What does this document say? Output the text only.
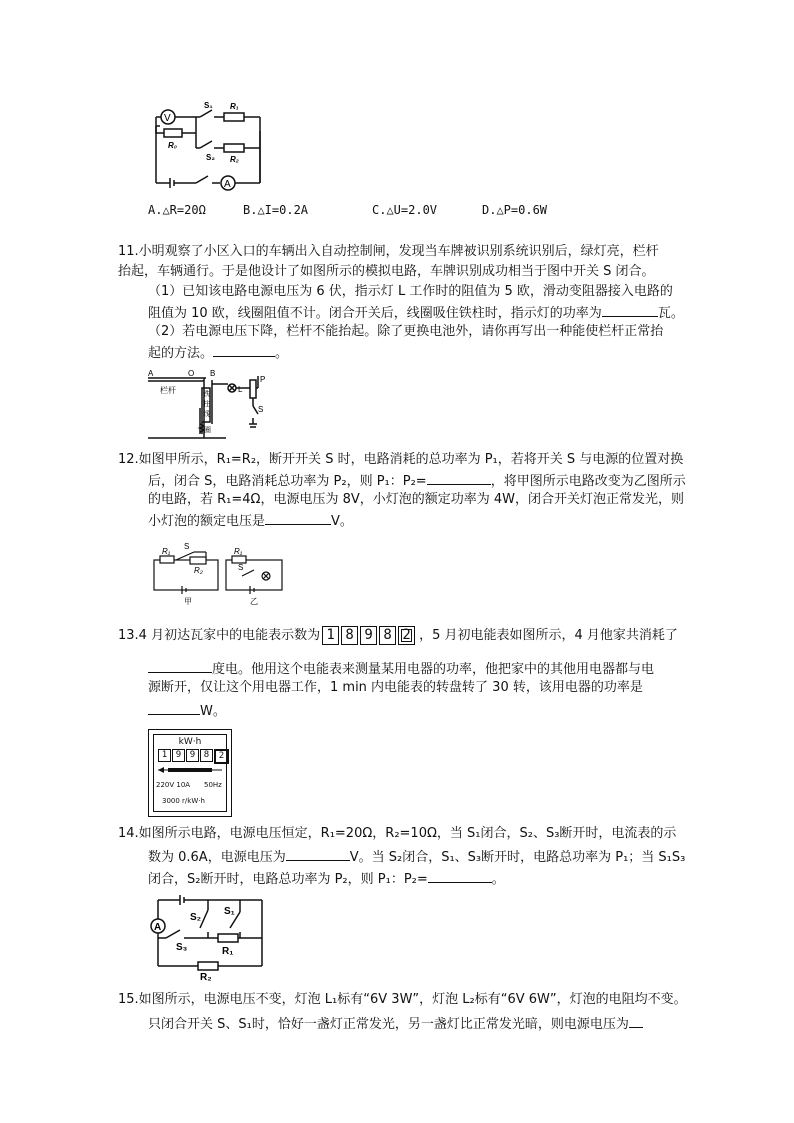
V
S₁ R₁
R₀
S₂ R₂
A
A.△R=20Ω	B.△I=0.2A	C.△U=2.0V	D.△P=0.6W
11.小明观察了小区入口的车辆出入自动控制闸，发现当车牌被识别系统识别后，绿灯亮，栏杆
抬起，车辆通行。于是他设计了如图所示的模拟电路，车牌识别成功相当于图中开关 S 闭合。
（1）已知该电路电源电压为 6 伏，指示灯 L 工作时的阻值为 5 欧，滑动变阻器接入电路的
阻值为 10 欧，线圈阻值不计。闭合开关后，线圈吸住铁柱时，指示灯的功率为	瓦。
（2）若电源电压下降，栏杆不能抬起。除了更换电池外，请你再写出一种能使栏杆正常抬
起的方法。	。
A	O B
栏杆	铁
柱
线
圈
L
P
S
12.如图甲所示，R₁=R₂，断开开关 S 时，电路消耗的总功率为 P₁，若将开关 S 与电源的位置对换
后，闭合 S，电路消耗总功率为 P₂，则 P₁：P₂=	，将甲图所示电路改变为乙图所示
的电路，若 R₁=4Ω，电源电压为 8V，小灯泡的额定功率为 4W，闭合开关灯泡正常发光，则
小灯泡的额定电压是	V。
S
R₁
R₂
甲
R₁
S
乙
13.4 月初达瓦家中的电能表示数为 1 8 9 8 2 ，5 月初电能表如图所示，4 月他家共消耗了
度电。他用这个电能表来测量某用电器的功率，他把家中的其他用电器都与电
源断开，仅让这个用电器工作，1 min 内电能表的转盘转了 30 转，该用电器的功率是
W。
kW·h
1 9 9 8	2
220V 10A 50Hz
3000 r/kW·h
14.如图所示电路，电源电压恒定，R₁=20Ω，R₂=10Ω，当 S₁闭合，S₂、S₃断开时，电流表的示
数为 0.6A，电源电压为	V。当 S₂闭合，S₁、S₃断开时，电路总功率为 P₁；当 S₁S₃
闭合，S₂断开时，电路总功率为 P₂，则 P₁：P₂=	。
A
S₂
S₁
S₃	R₁
R₂
15.如图所示，电源电压不变，灯泡 L₁标有“6V 3W”，灯泡 L₂标有“6V 6W”，灯泡的电阻均不变。
只闭合开关 S、S₁时，恰好一盏灯正常发光，另一盏灯比正常发光暗，则电源电压为
